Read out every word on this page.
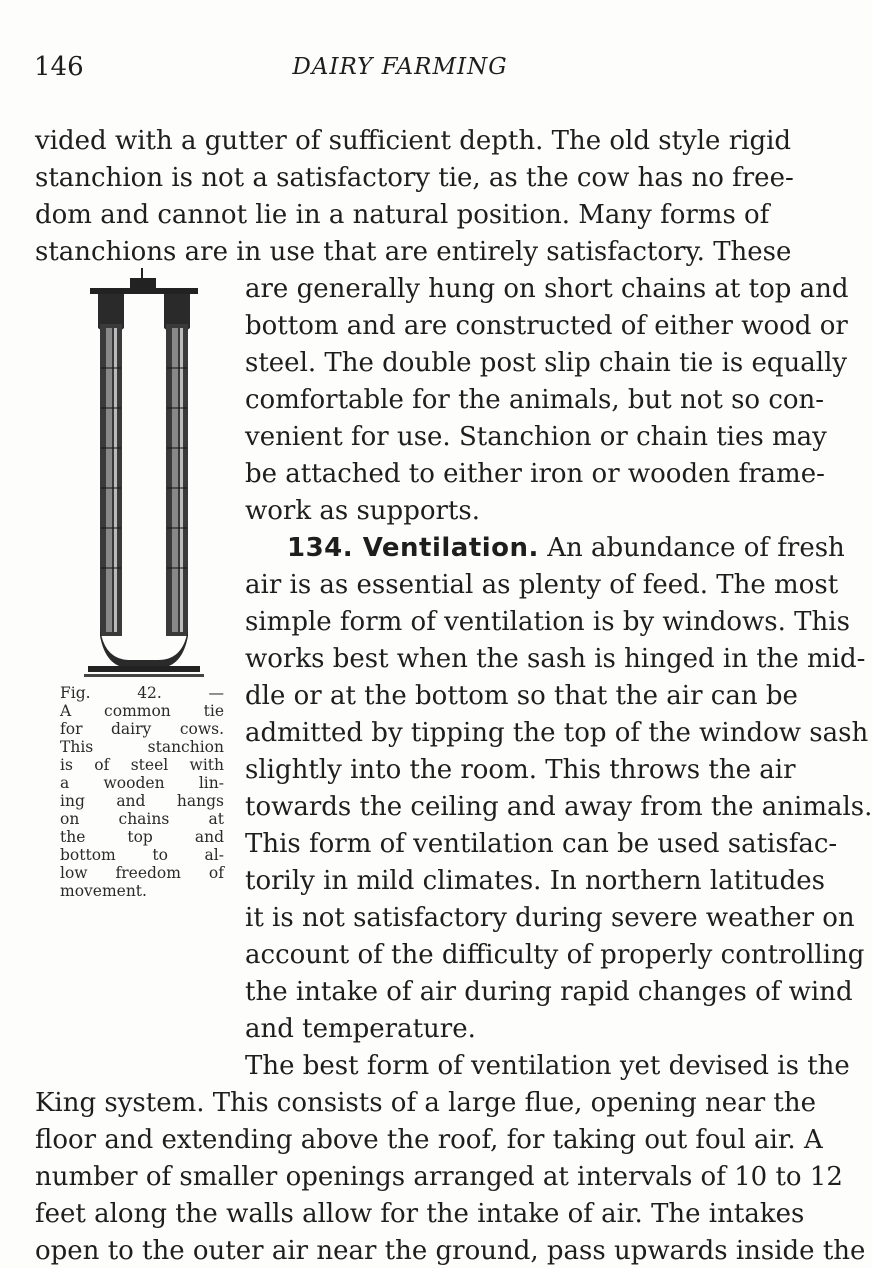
146	DAIRY FARMING
vided with a gutter of sufficient depth. The old style rigid
stanchion is not a satisfactory tie, as the cow has no free-
dom and cannot lie in a natural position. Many forms of
stanchions are in use that are entirely satisfactory. These
are generally hung on short chains at top and
bottom and are constructed of either wood or
steel. The double post slip chain tie is equally
comfortable for the animals, but not so con-
venient for use. Stanchion or chain ties may
be attached to either iron or wooden frame-
work as supports.
134. Ventilation. An abundance of fresh
air is as essential as plenty of feed. The most
simple form of ventilation is by windows. This
works best when the sash is hinged in the mid-
dle or at the bottom so that the air can be
admitted by tipping the top of the window sash
slightly into the room. This throws the air
towards the ceiling and away from the animals.
This form of ventilation can be used satisfac-
torily in mild climates. In northern latitudes
it is not satisfactory during severe weather on
account of the difficulty of properly controlling
the intake of air during rapid changes of wind
and temperature.
The best form of ventilation yet devised is the
King system. This consists of a large flue, opening near the
floor and extending above the roof, for taking out foul air. A
number of smaller openings arranged at intervals of 10 to 12
feet along the walls allow for the intake of air. The intakes
open to the outer air near the ground, pass upwards inside the
Fig. 42. —
A common tie
for dairy cows.
This stanchion
is of steel with
a wooden lin-
ing and hangs
on chains at
the top and
bottom to al-
low freedom of
movement.
